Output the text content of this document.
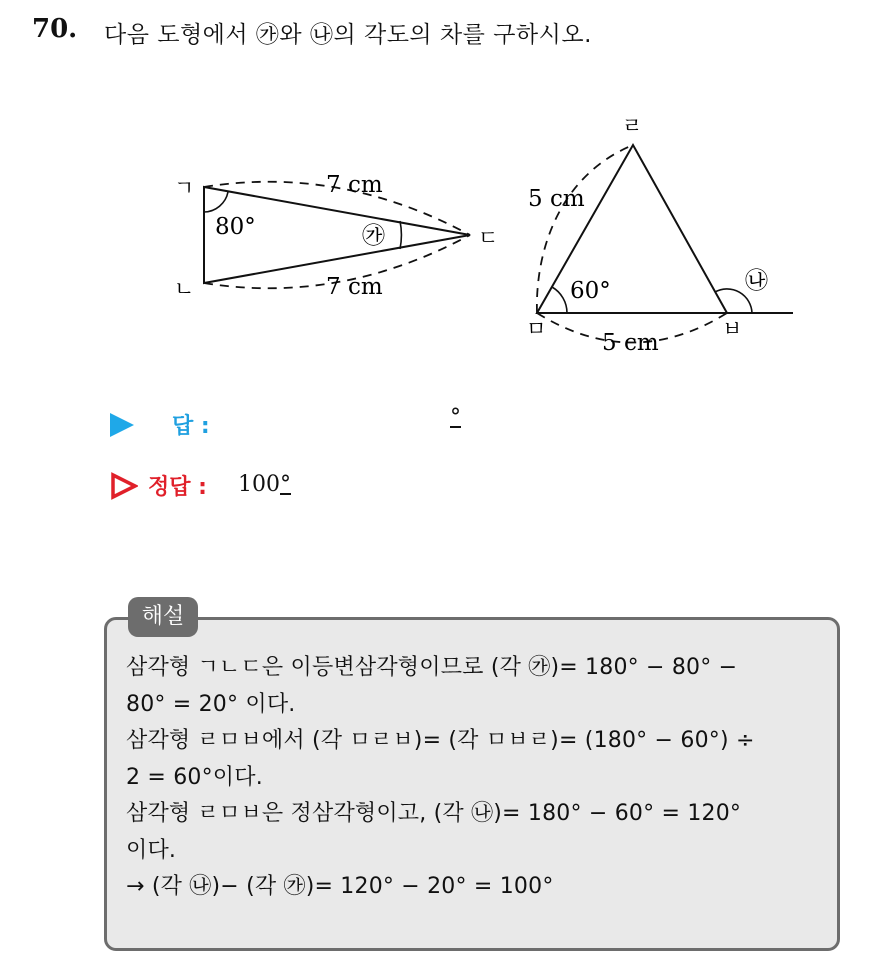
70. 다음 도형에서 ㉮와 ㉯의 각도의 차를 구하시오.
ㄱ
ㄴ
ㄷ
7 cm
7 cm
80°	㉮
ㄹ
ㅁ	ㅂ
5 cm
5 cm
60°	㉯
답 :	°
정답 : 100°
해설
삼각형 ㄱㄴㄷ은 이등변삼각형이므로 (각 ㉮)= 180° − 80° −
80° = 20° 이다.
삼각형 ㄹㅁㅂ에서 (각 ㅁㄹㅂ)= (각 ㅁㅂㄹ)= (180° − 60°) ÷
2 = 60°이다.
삼각형 ㄹㅁㅂ은 정삼각형이고, (각 ㉯)= 180° − 60° = 120°
이다.
→ (각 ㉯)− (각 ㉮)= 120° − 20° = 100°
